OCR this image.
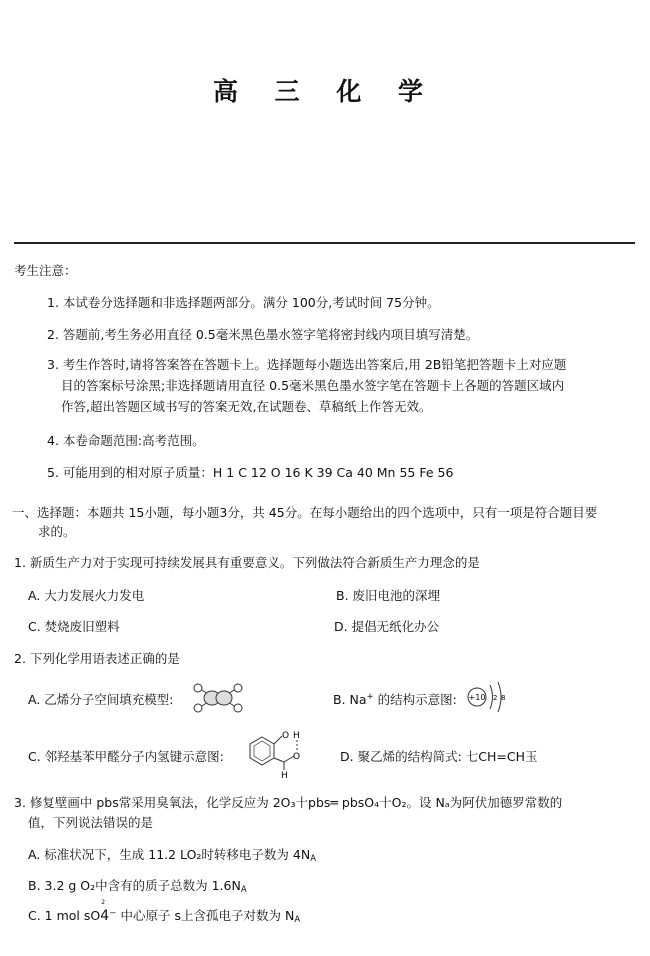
高 三 化 学
考生注意：
1. 本试卷分选择题和非选择题两部分。满分 100分,考试时间 75分钟。
2. 答题前,考生务必用直径 0.5毫米黑色墨水签字笔将密封线内项目填写清楚。
3. 考生作答时,请将答案答在答题卡上。选择题每小题选出答案后,用 2B铅笔把答题卡上对应题
目的答案标号涂黑;非选择题请用直径 0.5毫米黑色墨水签字笔在答题卡上各题的答题区域内
作答,超出答题区域书写的答案无效,在试题卷、草稿纸上作答无效。
4. 本卷命题范围:高考范围。
5. 可能用到的相对原子质量：H 1 C 12 O 16 K 39 Ca 40 Mn 55 Fe 56
一、选择题：本题共 15小题，每小题3分，共 45分。在每小题给出的四个选项中，只有一项是符合题目要
求的。
1. 新质生产力对于实现可持续发展具有重要意义。下列做法符合新质生产力理念的是
A. 大力发展火力发电	B. 废旧电池的深埋
C. 焚烧废旧塑料	D. 提倡无纸化办公
2. 下列化学用语表述正确的是
A. 乙烯分子空间填充模型:	B. Na+ 的结构示意图: +10 2 8
C. 邻羟基苯甲醛分子内氢键示意图:
O H
O
H
D. 聚乙烯的结构简式: 七CH=CH玉
3. 修复壁画中 pbs常采用臭氧法，化学反应为 2O₃十pbs═ pbsO₄十O₂。设 Nₐ为阿伏加德罗常数的
值，下列说法错误的是
A. 标准状况下，生成 11.2 LO₂时转移电子数为 $4N_A$
B. 3.2 g O₂中含有的质子总数为 $1.6N_A$
C. 1 mol sO
2
4⁻ 中心原子 s上含孤电子对数为 $N_A$
